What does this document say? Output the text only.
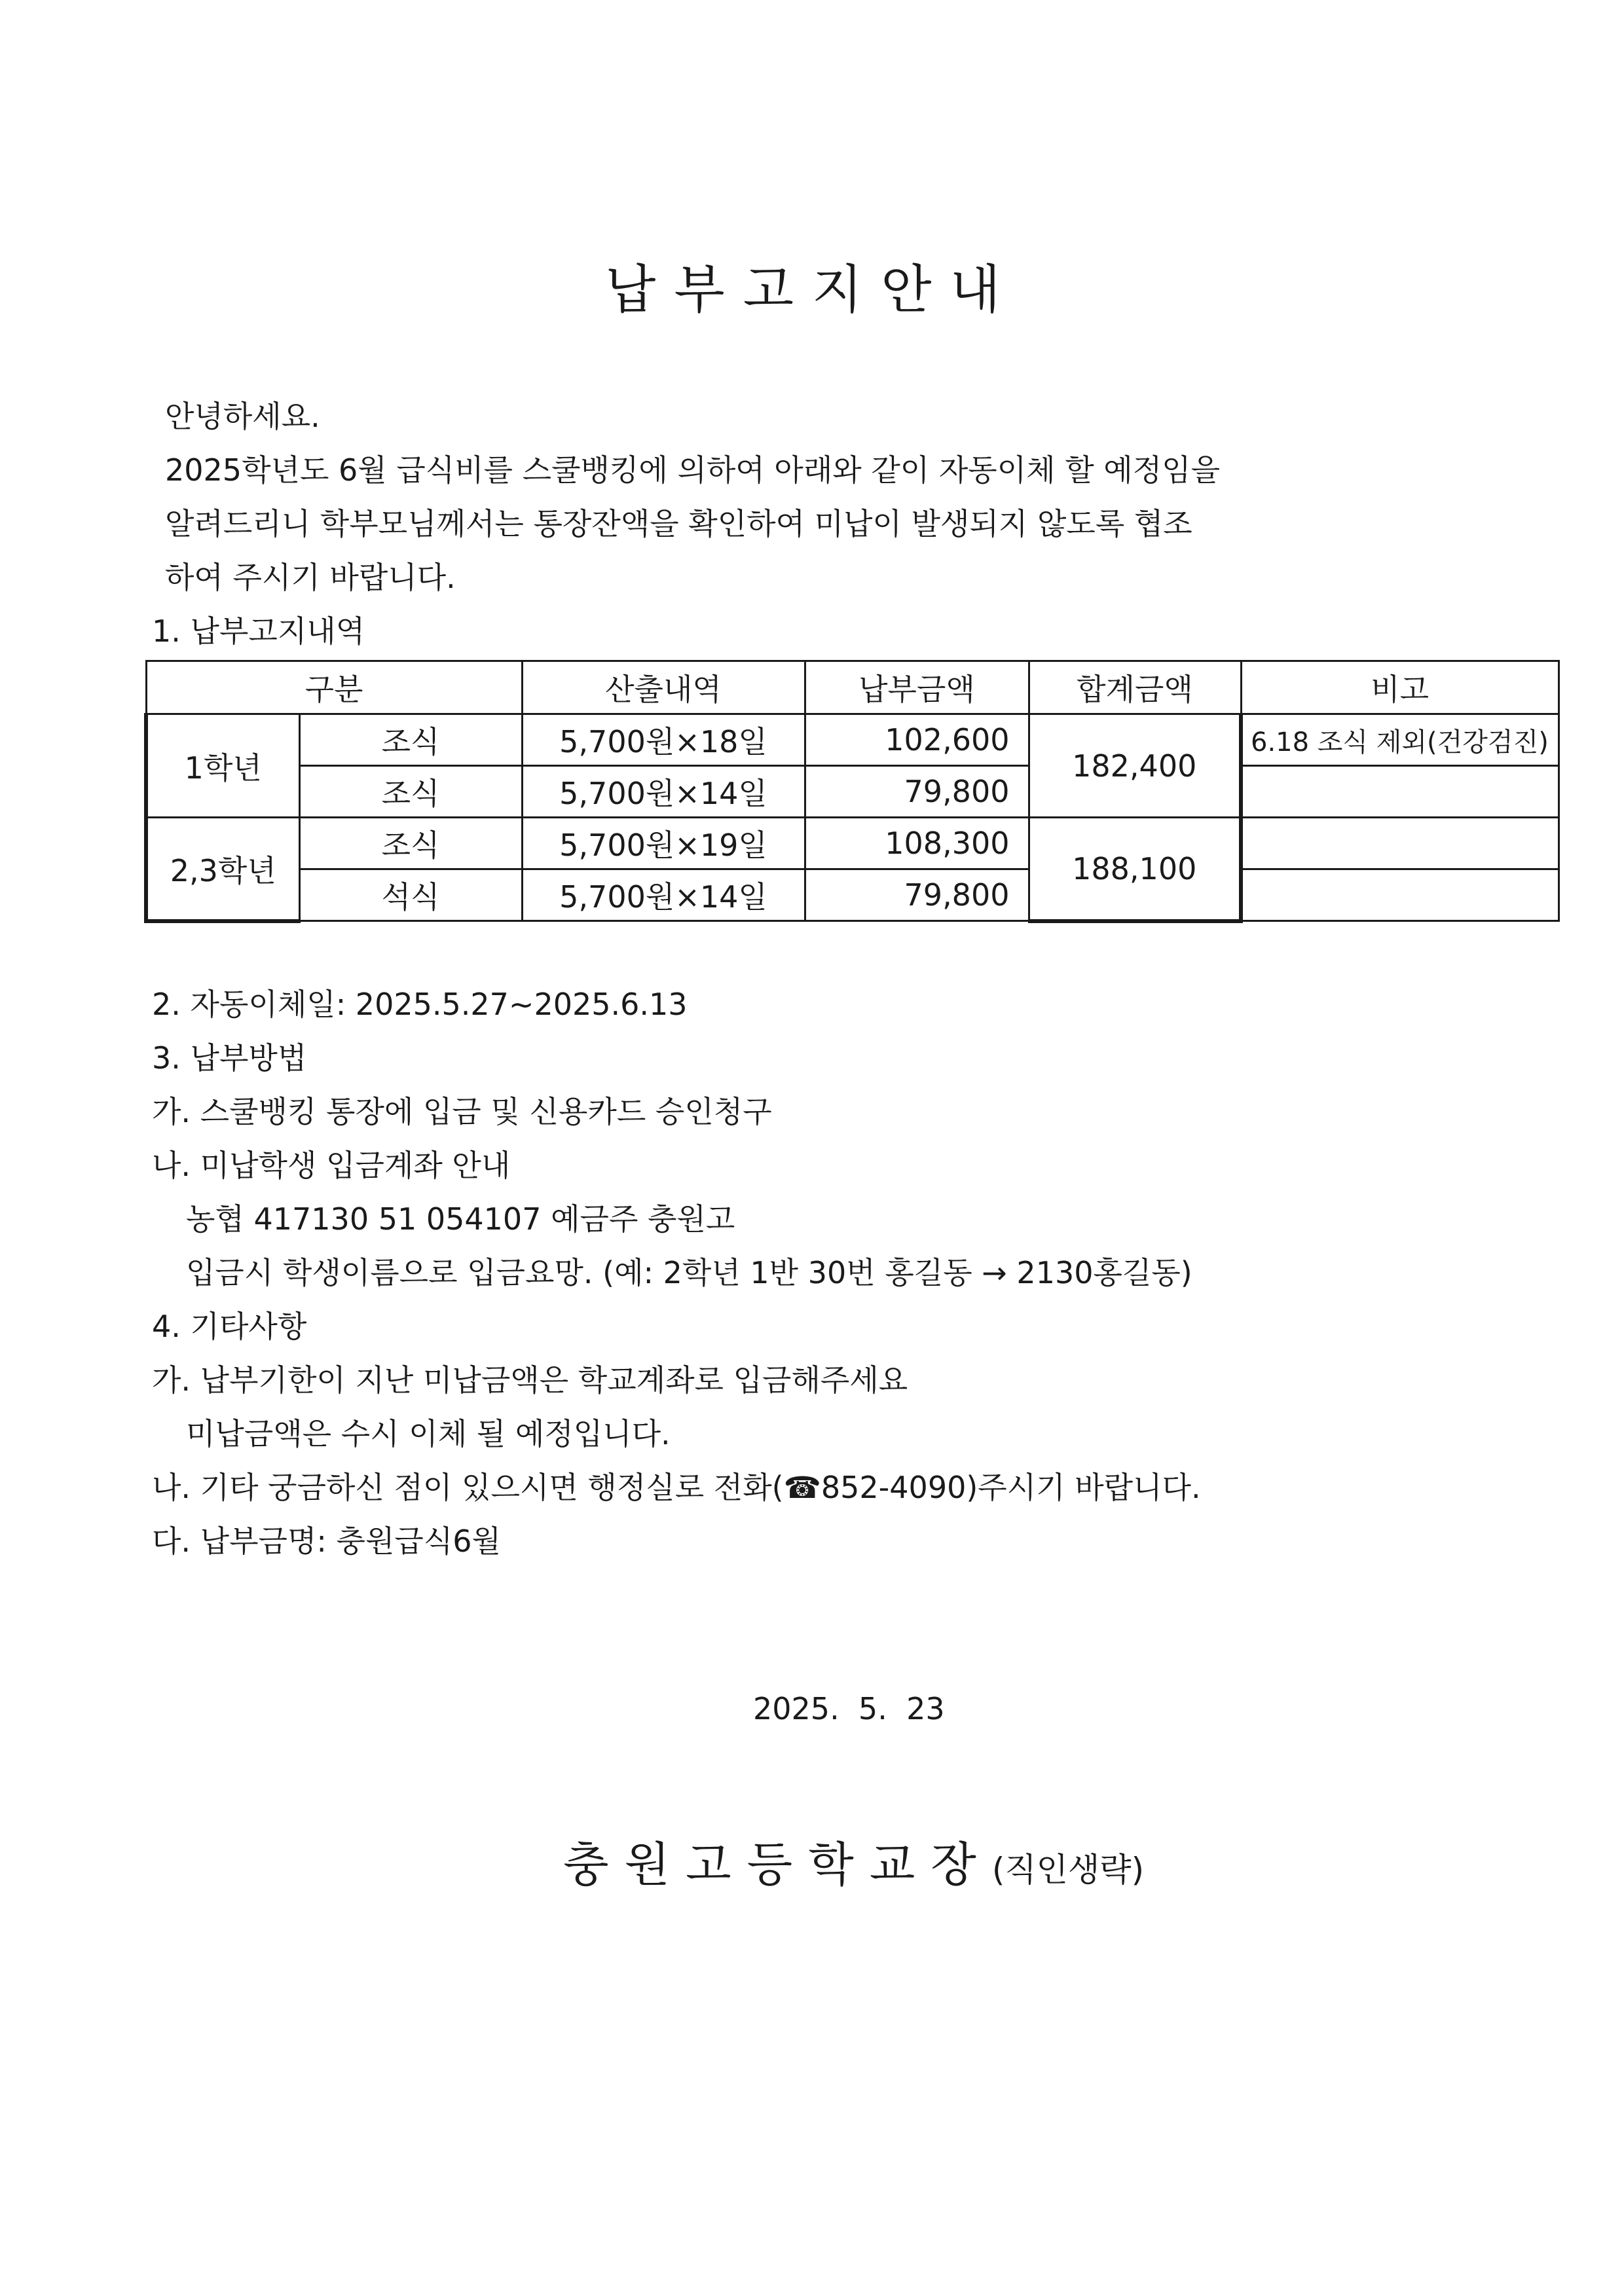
납부고지안내
안녕하세요.
2025학년도 6월 급식비를 스쿨뱅킹에 의하여 아래와 같이 자동이체 할 예정임을
알려드리니 학부모님께서는 통장잔액을 확인하여 미납이 발생되지 않도록 협조
하여 주시기 바랍니다.
1. 납부고지내역
구분		산출내역	납부금액	합계금액	비고
1학년	조식	5,700원×18일	102,600	182,400	6.18 조식 제외(건강검진)
	조식	5,700원×14일	79,800		
2,3학년	조식	5,700원×19일	108,300	188,100	
	석식	5,700원×14일	79,800		
2. 자동이체일: 2025.5.27~2025.6.13
3. 납부방법
가. 스쿨뱅킹 통장에 입금 및 신용카드 승인청구
나. 미납학생 입금계좌 안내
농협 417130 51 054107 예금주 충원고
입금시 학생이름으로 입금요망. (예: 2학년 1반 30번 홍길동 → 2130홍길동)
4. 기타사항
가. 납부기한이 지난 미납금액은 학교계좌로 입금해주세요
미납금액은 수시 이체 될 예정입니다.
나. 기타 궁금하신 점이 있으시면 행정실로 전화(☎852-4090)주시기 바랍니다.
다. 납부금명: 충원급식6월
2025.  5.  23
충원고등학교장(직인생략)
